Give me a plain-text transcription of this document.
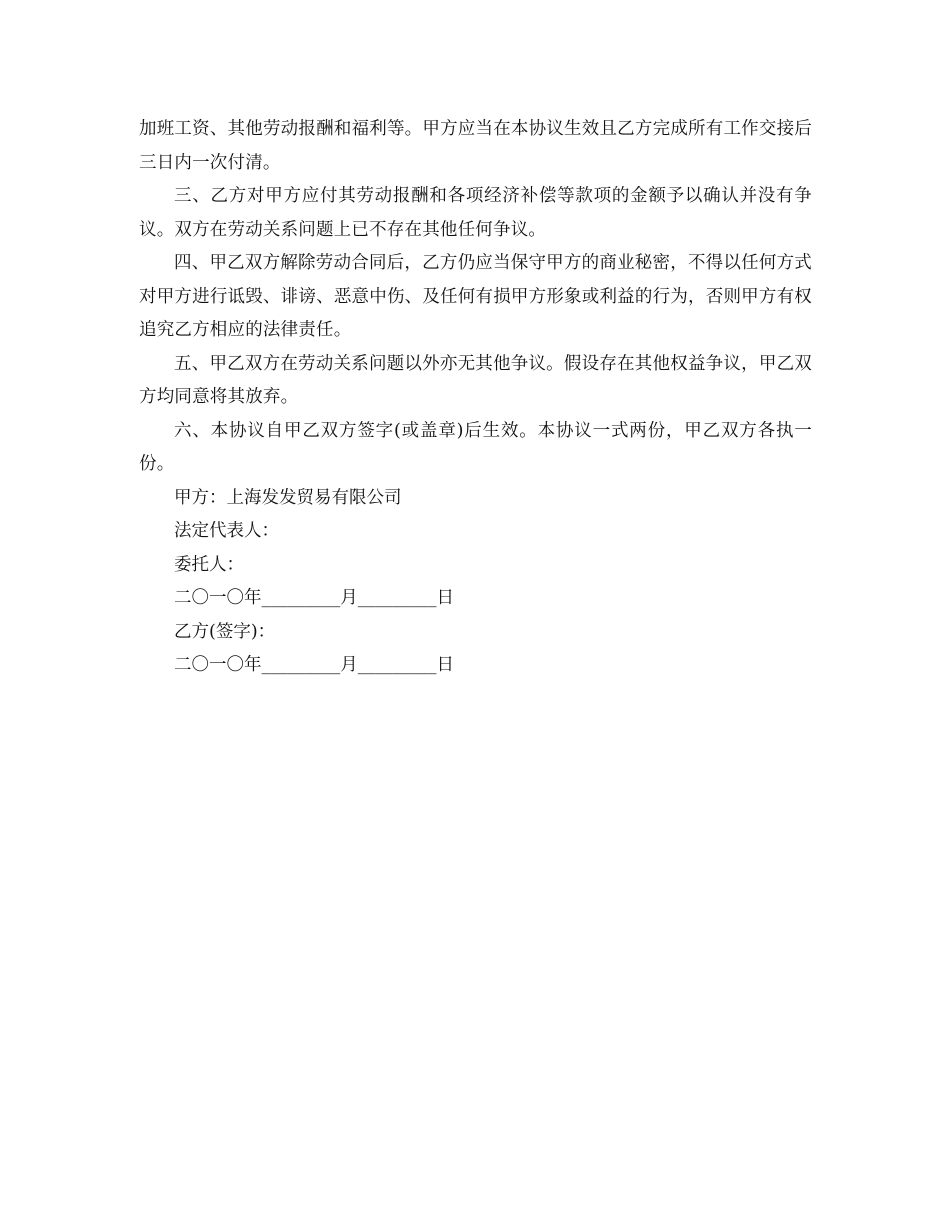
加班工资、其他劳动报酬和福利等。甲方应当在本协议生效且乙方完成所有工作交接后三日内一次付清。

三、乙方对甲方应付其劳动报酬和各项经济补偿等款项的金额予以确认并没有争议。双方在劳动关系问题上已不存在其他任何争议。

四、甲乙双方解除劳动合同后，乙方仍应当保守甲方的商业秘密，不得以任何方式对甲方进行诋毁、诽谤、恶意中伤、及任何有损甲方形象或利益的行为，否则甲方有权追究乙方相应的法律责任。

五、甲乙双方在劳动关系问题以外亦无其他争议。假设存在其他权益争议，甲乙双方均同意将其放弃。

六、本协议自甲乙双方签字(或盖章)后生效。本协议一式两份，甲乙双方各执一份。

甲方：上海发发贸易有限公司

法定代表人：

委托人：

二〇一〇年_________月_________日

乙方(签字)：

二〇一〇年_________月_________日
